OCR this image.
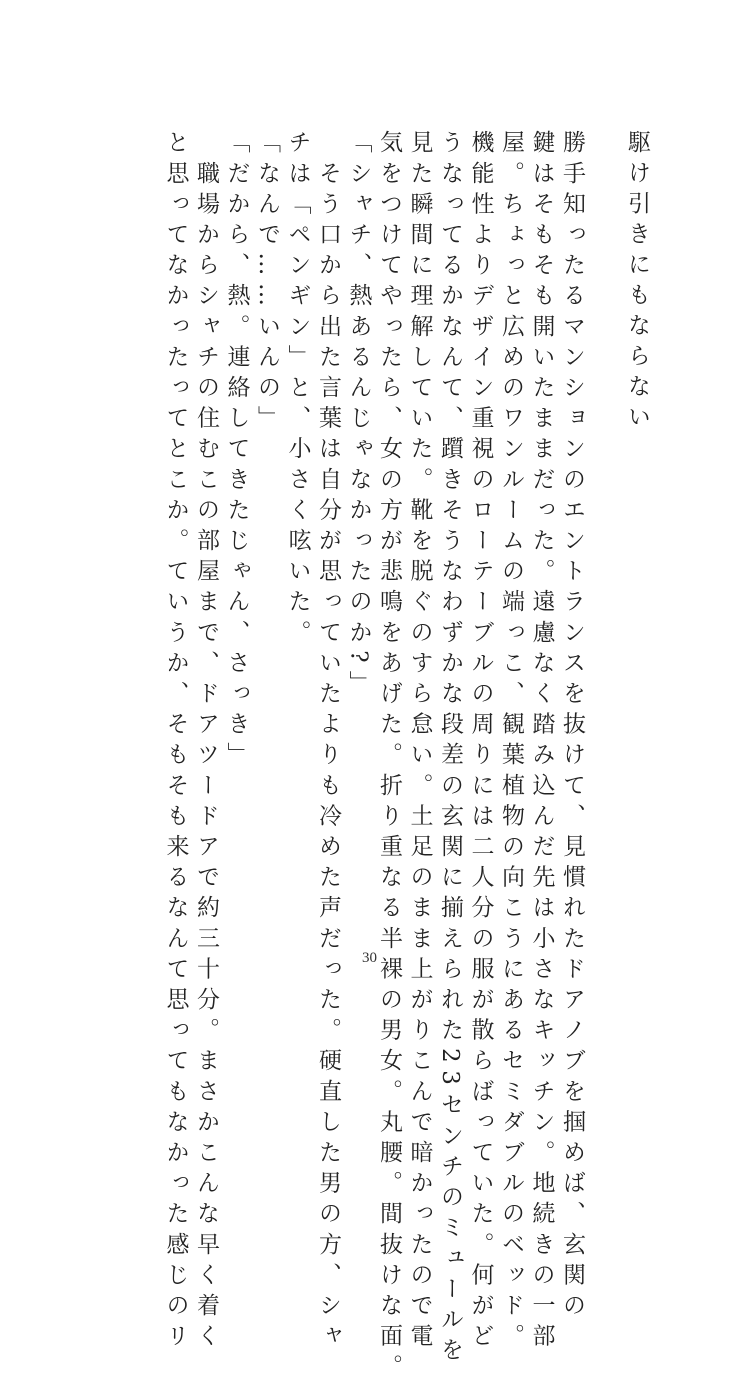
駆け引きにもならない
勝手知ったるマンションのエントランスを抜けて、見慣れたドアノブを掴めば、玄関の
鍵はそもそも開いたままだった。遠慮なく踏み込んだ先は小さなキッチン。地続きの一部
屋。ちょっと広めのワンルームの端っこ、観葉植物の向こうにあるセミダブルのベッド。
機能性よりデザイン重視のローテーブルの周りには二人分の服が散らばっていた。何がど
うなってるかなんて、躓きそうなわずかな段差の玄関に揃えられた23センチのミュールを
見た瞬間に理解していた。靴を脱ぐのすら怠い。土足のまま上がりこんで暗かったので電
気をつけてやったら、女の方が悲鳴をあげた。折り重なる半裸の男女。丸腰。間抜けな面。
「シャチ、熱あるんじゃなかったのか?」
　そう口から出た言葉は自分が思っていたよりも冷めた声だった。硬直した男の方、シャ
チは「ペンギン」と、小さく呟いた。
「なんで……いんの」
「だから、熱。連絡してきたじゃん、さっき」
　職場からシャチの住むこの部屋まで、ドアツードアで約三十分。まさかこんな早く着く
と思ってなかったってとこか。ていうか、そもそも来るなんて思ってもなかった感じのリ	30
